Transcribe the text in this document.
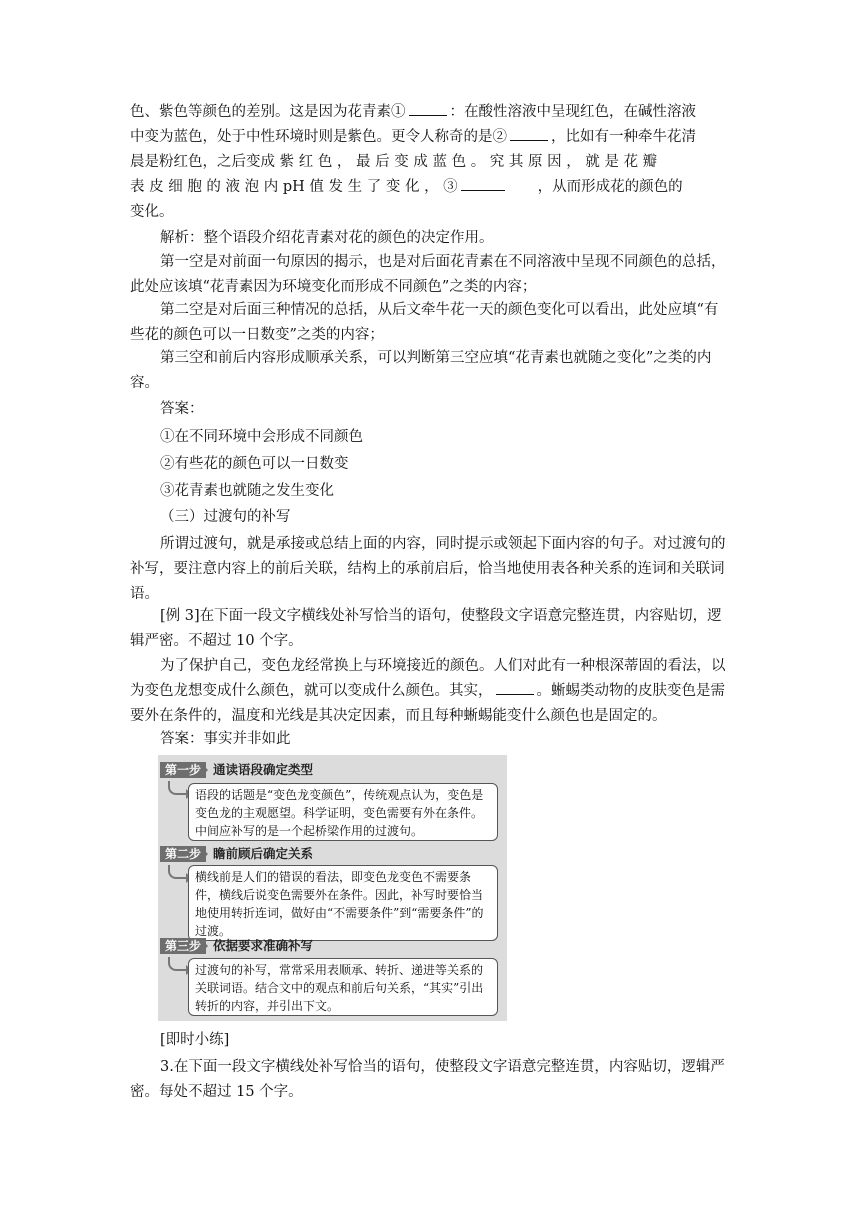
色、紫色等颜色的差别。这是因为花青素①	：在酸性溶液中呈现红色，在碱性溶液

中变为蓝色，处于中性环境时则是紫色。更令人称奇的是②	，比如有一种牵牛花清

晨是粉红色，之后变成 紫 红 色 ， 最 后 变 成 蓝 色 。 究 其 原 因 ， 就 是 花 瓣

表 皮 细 胞 的 液 泡 内 pH 值 发 生 了 变 化 ， ③	，从而形成花的颜色的

变化。

解析：整个语段介绍花青素对花的颜色的决定作用。

第一空是对前面一句原因的揭示，也是对后面花青素在不同溶液中呈现不同颜色的总括，此处应该填“花青素因为环境变化而形成不同颜色”之类的内容；

第二空是对后面三种情况的总括，从后文牵牛花一天的颜色变化可以看出，此处应填“有些花的颜色可以一日数变”之类的内容；

第三空和前后内容形成顺承关系，可以判断第三空应填“花青素也就随之变化”之类的内容。

答案：

①在不同环境中会形成不同颜色

②有些花的颜色可以一日数变

③花青素也就随之发生变化

（三）过渡句的补写

所谓过渡句，就是承接或总结上面的内容，同时提示或领起下面内容的句子。对过渡句的补写，要注意内容上的前后关联，结构上的承前启后，恰当地使用表各种关系的连词和关联词语。

[例 3]在下面一段文字横线处补写恰当的语句，使整段文字语意完整连贯，内容贴切，逻辑严密。不超过 10 个字。

为了保护自己，变色龙经常换上与环境接近的颜色。人们对此有一种根深蒂固的看法，以为变色龙想变成什么颜色，就可以变成什么颜色。其实，	。蜥蜴类动物的皮肤变色是需要外在条件的，温度和光线是其决定因素，而且每种蜥蜴能变什么颜色也是固定的。

答案：事实并非如此

第一步 通读语段确定类型
语段的话题是“变色龙变颜色”，传统观点认为，变色是变色龙的主观愿望。科学证明，变色需要有外在条件。中间应补写的是一个起桥梁作用的过渡句。
第二步 瞻前顾后确定关系
横线前是人们的错误的看法，即变色龙变色不需要条件，横线后说变色需要外在条件。因此，补写时要恰当地使用转折连词，做好由“不需要条件”到“需要条件”的过渡。
第三步 依据要求准确补写
过渡句的补写，常常采用表顺承、转折、递进等关系的关联词语。结合文中的观点和前后句关系，“其实”引出转折的内容，并引出下文。

[即时小练]

3.在下面一段文字横线处补写恰当的语句，使整段文字语意完整连贯，内容贴切，逻辑严密。每处不超过 15 个字。
